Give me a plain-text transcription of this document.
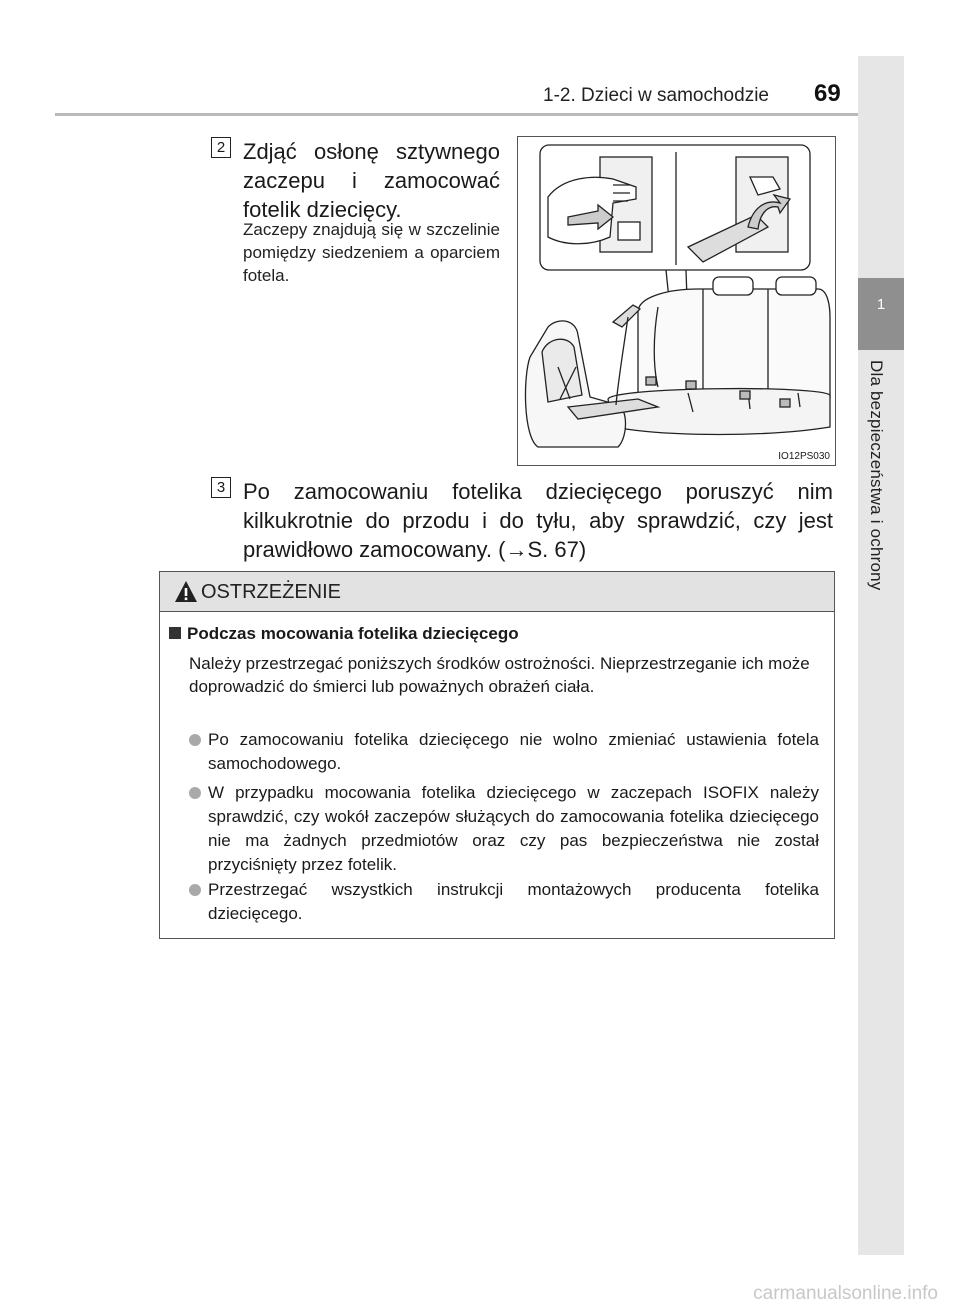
1-2. Dzieci w samochodzie 69
1
Dla bezpieczeństwa i ochrony
2 Zdjąć osłonę sztywnego zaczepu i zamocować fotelik dziecięcy.
Zaczepy znajdują się w szczelinie pomiędzy siedzeniem a oparciem fotela.
IO12PS030
3 Po zamocowaniu fotelika dziecięcego poruszyć nim kilkukrotnie do przodu i do tyłu, aby sprawdzić, czy jest prawidłowo zamocowany. (→S. 67)
OSTRZEŻENIE
Podczas mocowania fotelika dziecięcego
Należy przestrzegać poniższych środków ostrożności. Nieprzestrzeganie ich może doprowadzić do śmierci lub poważnych obrażeń ciała.
Po zamocowaniu fotelika dziecięcego nie wolno zmieniać ustawienia fotela samochodowego.
W przypadku mocowania fotelika dziecięcego w zaczepach ISOFIX należy sprawdzić, czy wokół zaczepów służących do zamocowania fotelika dziecięcego nie ma żadnych przedmiotów oraz czy pas bezpieczeństwa nie został przyciśnięty przez fotelik.
Przestrzegać wszystkich instrukcji montażowych producenta fotelika dziecięcego.
carmanualsonline.info
